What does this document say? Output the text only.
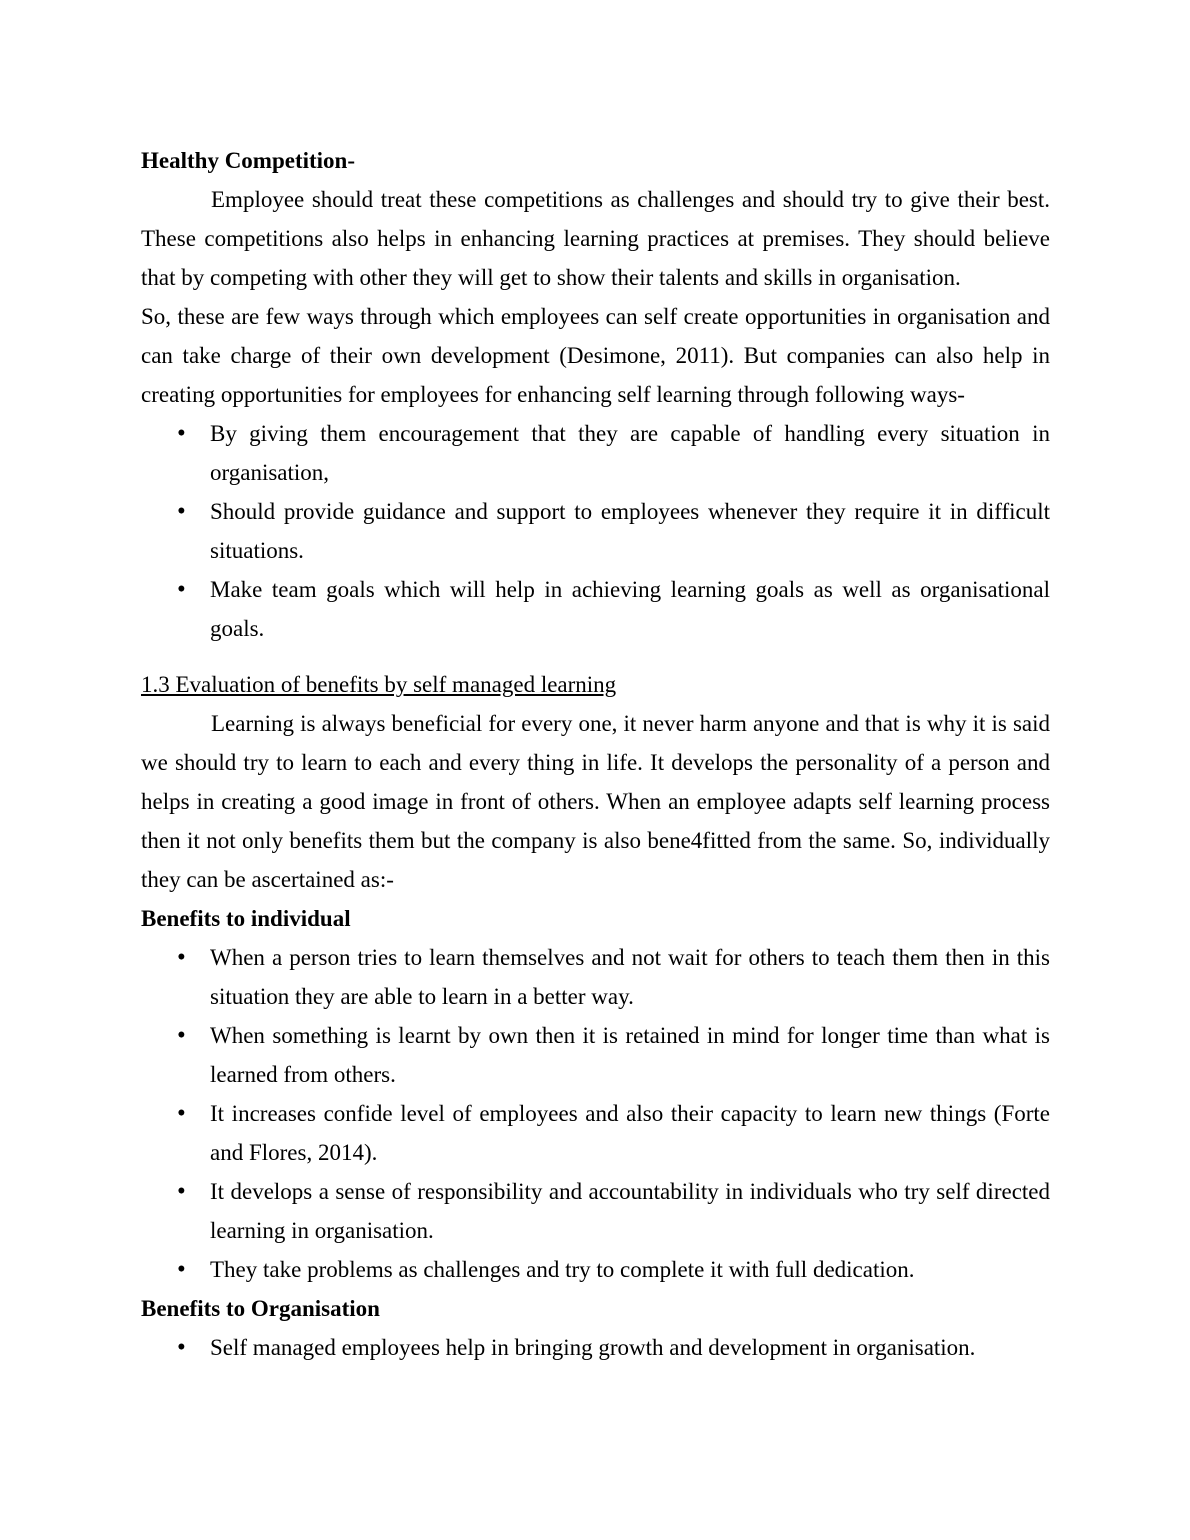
Healthy Competition-

Employee should treat these competitions as challenges and should try to give their best. These competitions also helps in enhancing learning practices at premises. They should believe that by competing with other they will get to show their talents and skills in organisation.

So, these are few ways through which employees can self create opportunities in organisation and can take charge of their own development (Desimone, 2011). But companies can also help in creating opportunities for employees for enhancing self learning through following ways-

• By giving them encouragement that they are capable of handling every situation in organisation,
• Should provide guidance and support to employees whenever they require it in difficult situations.
• Make team goals which will help in achieving learning goals as well as organisational goals.

1.3 Evaluation of benefits by self managed learning

Learning is always beneficial for every one, it never harm anyone and that is why it is said we should try to learn to each and every thing in life. It develops the personality of a person and helps in creating a good image in front of others. When an employee adapts self learning process then it not only benefits them but the company is also bene4fitted from the same. So, individually they can be ascertained as:-

Benefits to individual

• When a person tries to learn themselves and not wait for others to teach them then in this situation they are able to learn in a better way.
• When something is learnt by own then it is retained in mind for longer time than what is learned from others.
• It increases confide level of employees and also their capacity to learn new things (Forte and Flores, 2014).
• It develops a sense of responsibility and accountability in individuals who try self directed learning in organisation.
• They take problems as challenges and try to complete it with full dedication.

Benefits to Organisation

• Self managed employees help in bringing growth and development in organisation.
